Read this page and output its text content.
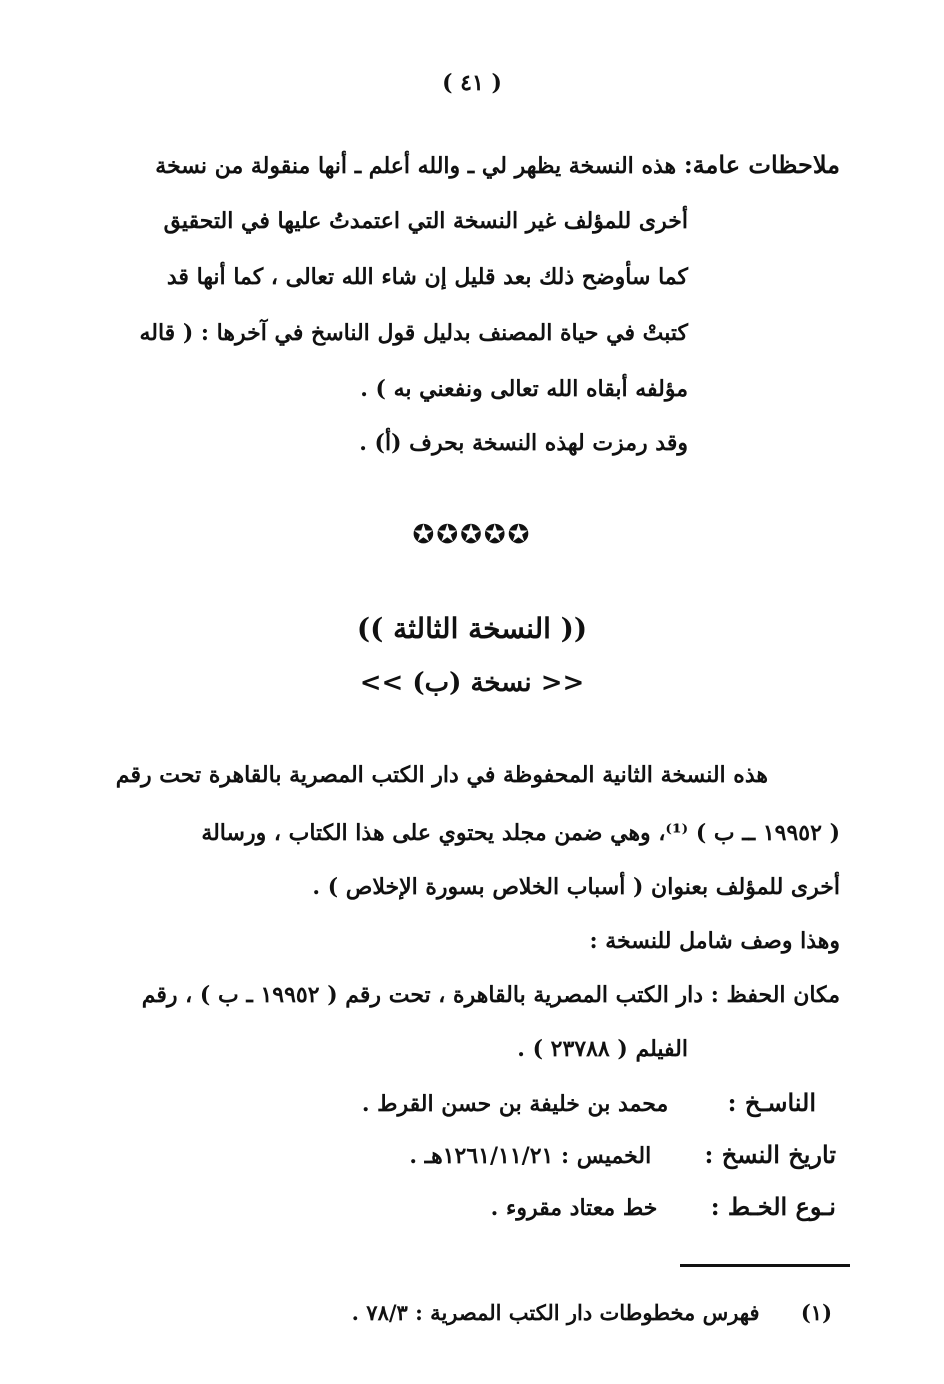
( ٤١ )
ملاحظات عامة: هذه النسخة يظهر لي ـ والله أعلم ـ أنها منقولة من نسخة
أخرى للمؤلف غير النسخة التي اعتمدتُ عليها في التحقيق
كما سأوضح ذلك بعد قليل إن شاء الله تعالى ، كما أنها قد
كتبتْ في حياة المصنف بدليل قول الناسخ في آخرها : ( قاله
مؤلفه أبقاه الله تعالى ونفعني به ) .
وقد رمزت لهذه النسخة بحرف (أ) .
✪✪✪✪✪
(( النسخة الثالثة ))
<< نسخة (ب) >>
هذه النسخة الثانية المحفوظة في دار الكتب المصرية بالقاهرة تحت رقم
( ١٩٩٥٢ ــ ب ) ⁽¹⁾، وهي ضمن مجلد يحتوي على هذا الكتاب ، ورسالة
أخرى للمؤلف بعنوان ( أسباب الخلاص بسورة الإخلاص ) .
وهذا وصف شامل للنسخة :
مكان الحفظ : دار الكتب المصرية بالقاهرة ، تحت رقم ( ١٩٩٥٢ ـ ب ) ، رقم
الفيلم ( ٢٣٧٨٨ ) .
الناسـخ :  محمد بن خليفة بن حسن القرط .
تاريخ النسخ :  الخميس : ١٢٦١/١١/٢١هـ .
نـوع الخـط :  خط معتاد مقروء .
(١) فهرس مخطوطات دار الكتب المصرية : ٧٨/٣ .
